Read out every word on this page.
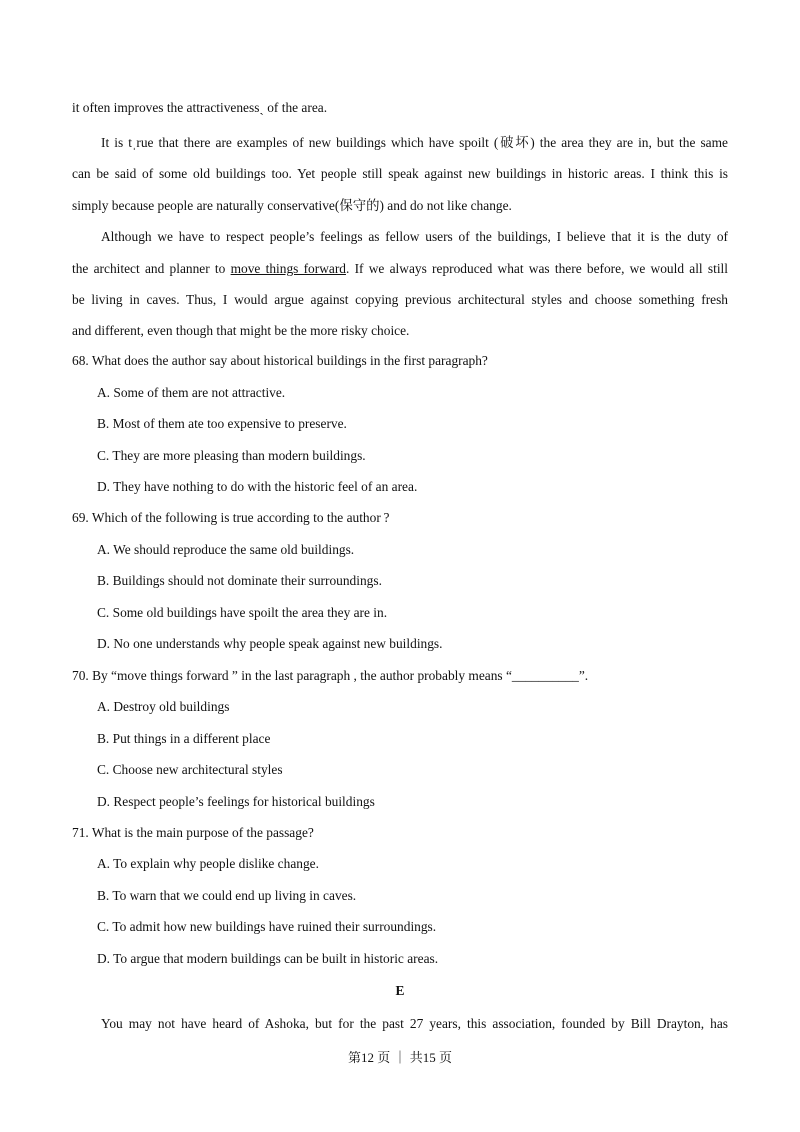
it often improves the attractivenessˎ of the area.

It is tˌrue that there are examples of new buildings which have spoilt (破坏) the area they are in, but the same

can be said of some old buildings too. Yet people still speak against new buildings in historic areas. I think this is

simply because people are naturally conservative(保守的) and do not like change.

Although we have to respect people’s feelings as fellow users of the buildings, I believe that it is the duty of

the architect and planner to move things forward. If we always reproduced what was there before, we would all still

be living in caves. Thus, I would argue against copying previous architectural styles and choose something fresh

and different, even though that might be the more risky choice.

68. What does the author say about historical buildings in the first paragraph?

A. Some of them are not attractive.

B. Most of them ate too expensive to preserve.

C. They are more pleasing than modern buildings.

D. They have nothing to do with the historic feel of an area.

69. Which of the following is true according to the author ?

A. We should reproduce the same old buildings.

B. Buildings should not dominate their surroundings.

C. Some old buildings have spoilt the area they are in.

D. No one understands why people speak against new buildings.

70. By “move things forward ” in the last paragraph , the author probably means “__________”.

A. Destroy old buildings

B. Put things in a different place

C. Choose new architectural styles

D. Respect people’s feelings for historical buildings

71. What is the main purpose of the passage?

A. To explain why people dislike change.

B. To warn that we could end up living in caves.

C. To admit how new buildings have ruined their surroundings.

D. To argue that modern buildings can be built in historic areas.

E

You may not have heard of Ashoka, but for the past 27 years, this association, founded by Bill Drayton, has

第12 页 ｜ 共15 页
